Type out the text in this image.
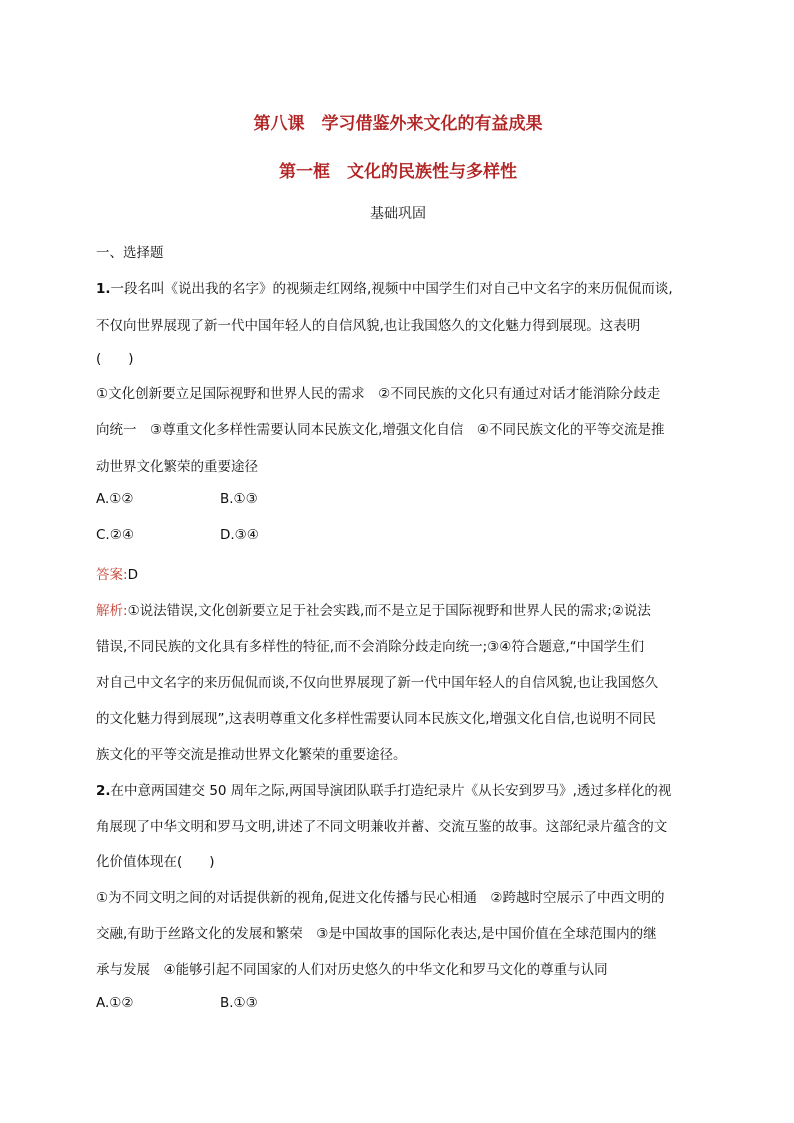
第八课　学习借鉴外来文化的有益成果
第一框　文化的民族性与多样性
基础巩固
一、选择题
1.一段名叫《说出我的名字》的视频走红网络,视频中中国学生们对自己中文名字的来历侃侃而谈,
不仅向世界展现了新一代中国年轻人的自信风貌,也让我国悠久的文化魅力得到展现。这表明
(　　)
①文化创新要立足国际视野和世界人民的需求　②不同民族的文化只有通过对话才能消除分歧走
向统一　③尊重文化多样性需要认同本民族文化,增强文化自信　④不同民族文化的平等交流是推
动世界文化繁荣的重要途径
A.①②	B.①③
C.②④	D.③④
答案:D
解析:①说法错误,文化创新要立足于社会实践,而不是立足于国际视野和世界人民的需求;②说法
错误,不同民族的文化具有多样性的特征,而不会消除分歧走向统一;③④符合题意,“中国学生们
对自己中文名字的来历侃侃而谈,不仅向世界展现了新一代中国年轻人的自信风貌,也让我国悠久
的文化魅力得到展现”,这表明尊重文化多样性需要认同本民族文化,增强文化自信,也说明不同民
族文化的平等交流是推动世界文化繁荣的重要途径。
2.在中意两国建交 50 周年之际,两国导演团队联手打造纪录片《从长安到罗马》,透过多样化的视
角展现了中华文明和罗马文明,讲述了不同文明兼收并蓄、交流互鉴的故事。这部纪录片蕴含的文
化价值体现在(　　)
①为不同文明之间的对话提供新的视角,促进文化传播与民心相通　②跨越时空展示了中西文明的
交融,有助于丝路文化的发展和繁荣　③是中国故事的国际化表达,是中国价值在全球范围内的继
承与发展　④能够引起不同国家的人们对历史悠久的中华文化和罗马文化的尊重与认同
A.①②	B.①③
